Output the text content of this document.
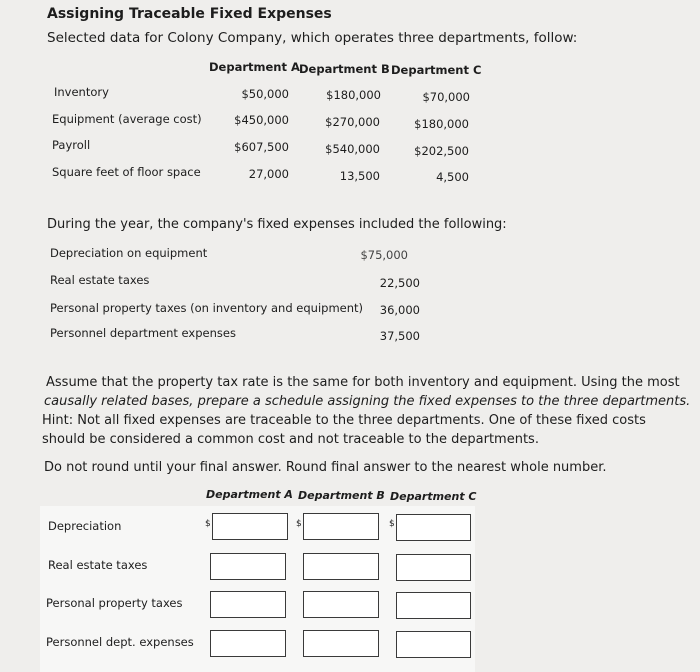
Assigning Traceable Fixed Expenses
Selected data for Colony Company, which operates three departments, follow:
Department A Department B Department C
Inventory	$50,000	$180,000	$70,000
Equipment (average cost)	$450,000	$270,000	$180,000
Payroll	$607,500	$540,000	$202,500
Square feet of floor space	27,000	13,500	4,500
During the year, the company's fixed expenses included the following:
Depreciation on equipment	$75,000
Real estate taxes	22,500
Personal property taxes (on inventory and equipment)	36,000
Personnel department expenses	37,500
Assume that the property tax rate is the same for both inventory and equipment. Using the most
causally related bases, prepare a schedule assigning the fixed expenses to the three departments.
Hint: Not all fixed expenses are traceable to the three departments. One of these fixed costs
should be considered a common cost and not traceable to the departments.
Do not round until your final answer. Round final answer to the nearest whole number.
Department A Department B Department C
Depreciation	$	$	$
Real estate taxes
Personal property taxes
Personnel dept. expenses
